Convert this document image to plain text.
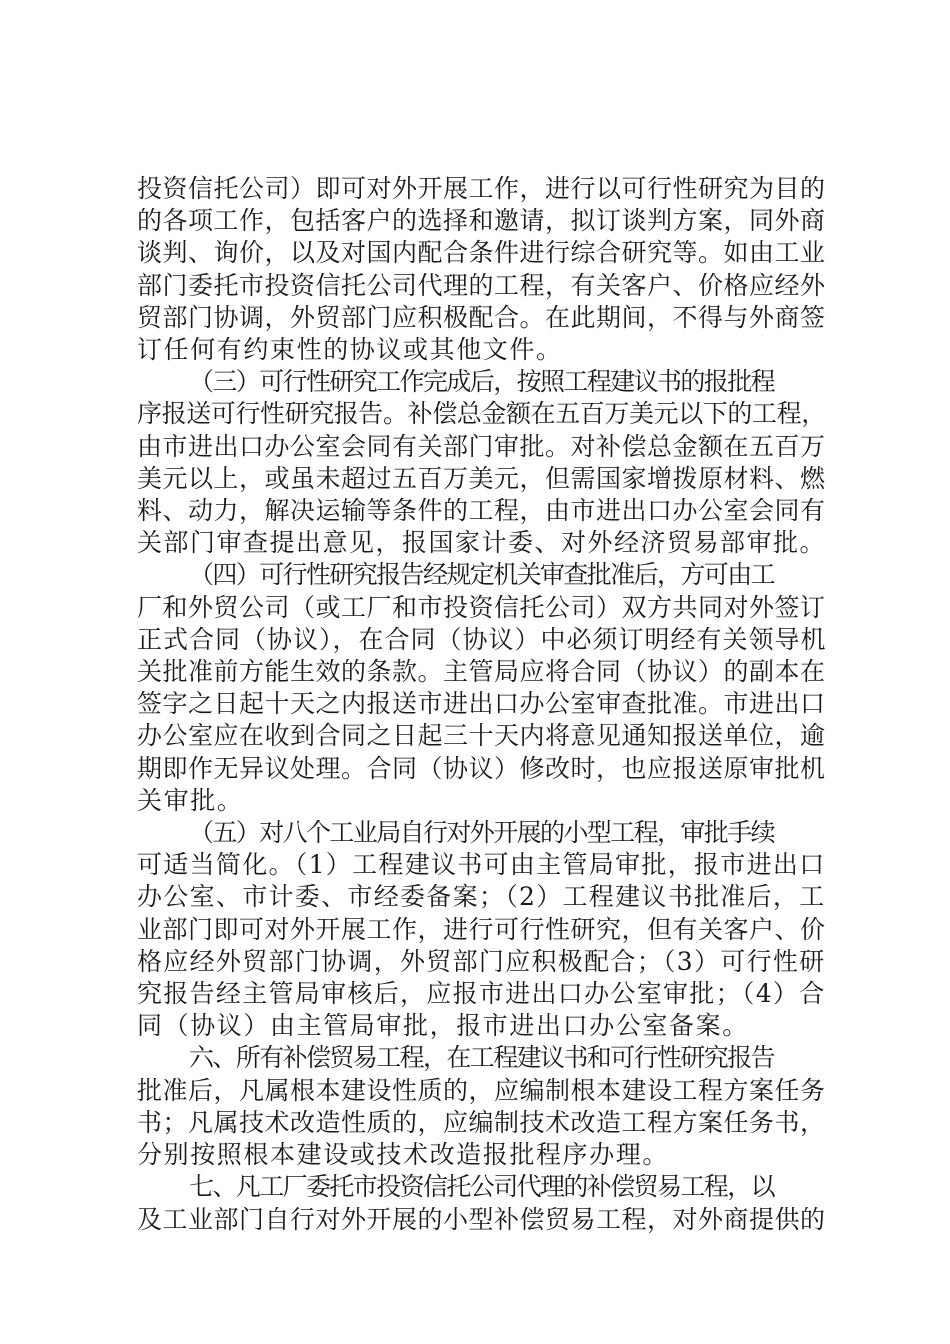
投资信托公司）即可对外开展工作，进行以可行性研究为目的
的各项工作，包括客户的选择和邀请，拟订谈判方案，同外商
谈判、询价，以及对国内配合条件进行综合研究等。如由工业
部门委托市投资信托公司代理的工程，有关客户、价格应经外
贸部门协调，外贸部门应积极配合。在此期间，不得与外商签
订任何有约束性的协议或其他文件。

（三）可行性研究工作完成后，按照工程建议书的报批程
序报送可行性研究报告。补偿总金额在五百万美元以下的工程，
由市进出口办公室会同有关部门审批。对补偿总金额在五百万
美元以上，或虽未超过五百万美元，但需国家增拨原材料、燃
料、动力，解决运输等条件的工程，由市进出口办公室会同有
关部门审查提出意见，报国家计委、对外经济贸易部审批。

（四）可行性研究报告经规定机关审查批准后，方可由工
厂和外贸公司（或工厂和市投资信托公司）双方共同对外签订
正式合同（协议），在合同（协议）中必须订明经有关领导机
关批准前方能生效的条款。主管局应将合同（协议）的副本在
签字之日起十天之内报送市进出口办公室审查批准。市进出口
办公室应在收到合同之日起三十天内将意见通知报送单位，逾
期即作无异议处理。合同（协议）修改时，也应报送原审批机
关审批。

（五）对八个工业局自行对外开展的小型工程，审批手续
可适当简化。（1）工程建议书可由主管局审批，报市进出口
办公室、市计委、市经委备案；（2）工程建议书批准后，工
业部门即可对外开展工作，进行可行性研究，但有关客户、价
格应经外贸部门协调，外贸部门应积极配合；（3）可行性研
究报告经主管局审核后，应报市进出口办公室审批；（4）合
同（协议）由主管局审批，报市进出口办公室备案。

六、所有补偿贸易工程，在工程建议书和可行性研究报告
批准后，凡属根本建设性质的，应编制根本建设工程方案任务
书；凡属技术改造性质的，应编制技术改造工程方案任务书，
分别按照根本建设或技术改造报批程序办理。

七、凡工厂委托市投资信托公司代理的补偿贸易工程，以
及工业部门自行对外开展的小型补偿贸易工程，对外商提供的
